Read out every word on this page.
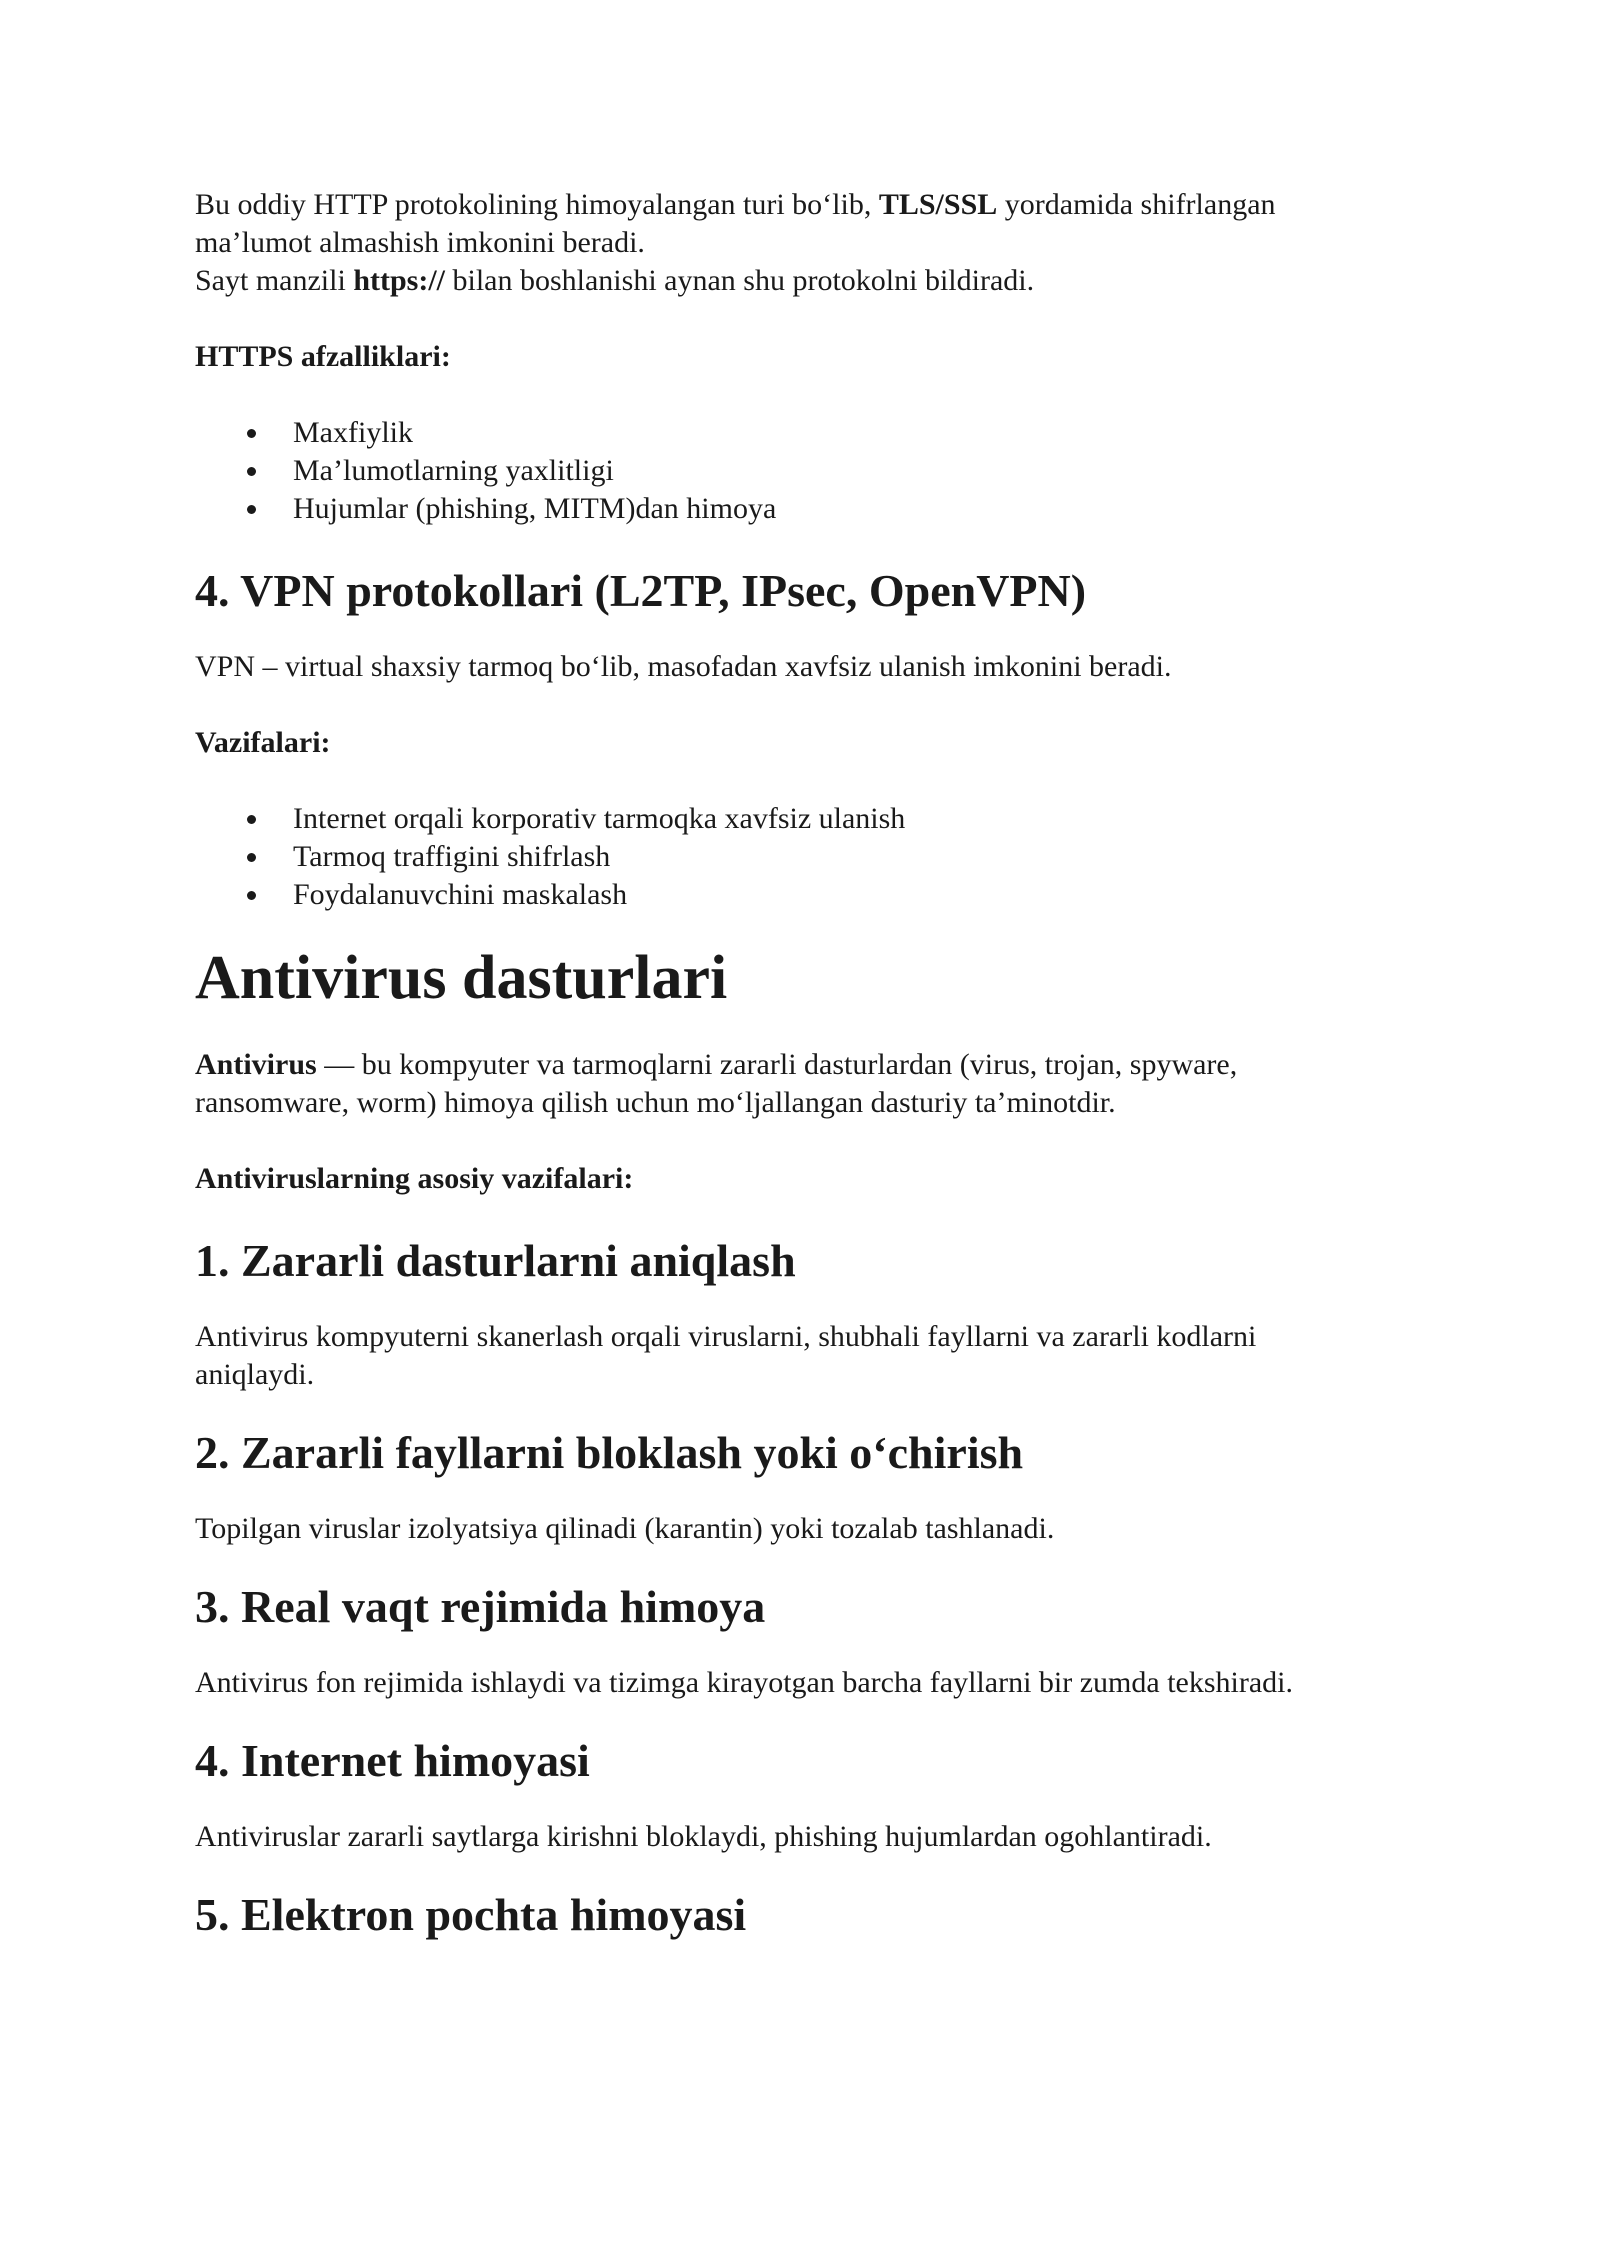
Bu oddiy HTTP protokolining himoyalangan turi bo‘lib, TLS/SSL yordamida shifrlangan

ma’lumot almashish imkonini beradi.

Sayt manzili https:// bilan boshlanishi aynan shu protokolni bildiradi.

HTTPS afzalliklari:

Maxfiylik
Ma’lumotlarning yaxlitligi
Hujumlar (phishing, MITM)dan himoya
4. VPN protokollari (L2TP, IPsec, OpenVPN)

VPN – virtual shaxsiy tarmoq bo‘lib, masofadan xavfsiz ulanish imkonini beradi.

Vazifalari:

Internet orqali korporativ tarmoqka xavfsiz ulanish
Tarmoq traffigini shifrlash
Foydalanuvchini maskalash
Antivirus dasturlari

Antivirus — bu kompyuter va tarmoqlarni zararli dasturlardan (virus, trojan, spyware,

ransomware, worm) himoya qilish uchun mo‘ljallangan dasturiy ta’minotdir.

Antiviruslarning asosiy vazifalari:

1. Zararli dasturlarni aniqlash

Antivirus kompyuterni skanerlash orqali viruslarni, shubhali fayllarni va zararli kodlarni

aniqlaydi.

2. Zararli fayllarni bloklash yoki o‘chirish

Topilgan viruslar izolyatsiya qilinadi (karantin) yoki tozalab tashlanadi.

3. Real vaqt rejimida himoya

Antivirus fon rejimida ishlaydi va tizimga kirayotgan barcha fayllarni bir zumda tekshiradi.

4. Internet himoyasi

Antiviruslar zararli saytlarga kirishni bloklaydi, phishing hujumlardan ogohlantiradi.

5. Elektron pochta himoyasi
